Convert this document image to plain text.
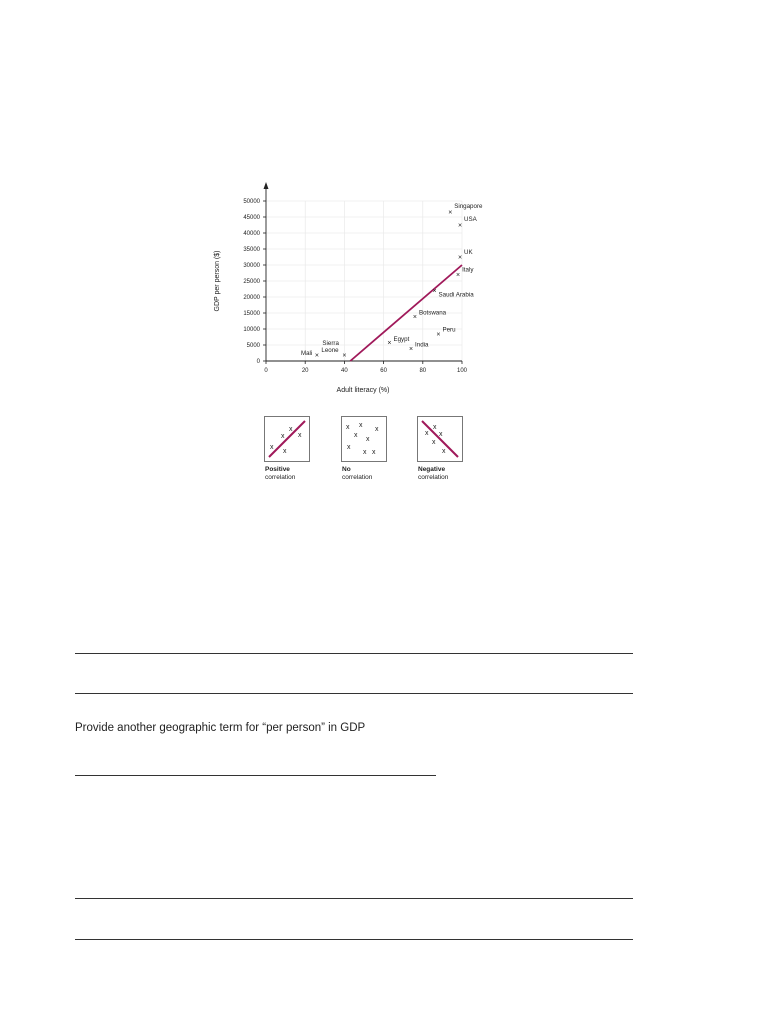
0
5000
10000
15000
20000
25000
30000
35000
40000
45000
50000
0	20	40	60	80	100
×
Mali	×
Sierra Leone
×
Egypt
×
India
×
Botswana
×
Peru
×
Saudi Arabia
×
Italy
×
UK
×
USA
×
Singapore
Adult literacy (%)
GDP per person ($)
x
x
x
x
x
Positive
correlation
x x
x
x
x
x
x x
No
correlation
x
x
x
x
x
Negative
correlation
Provide another geographic term for “per person” in GDP
